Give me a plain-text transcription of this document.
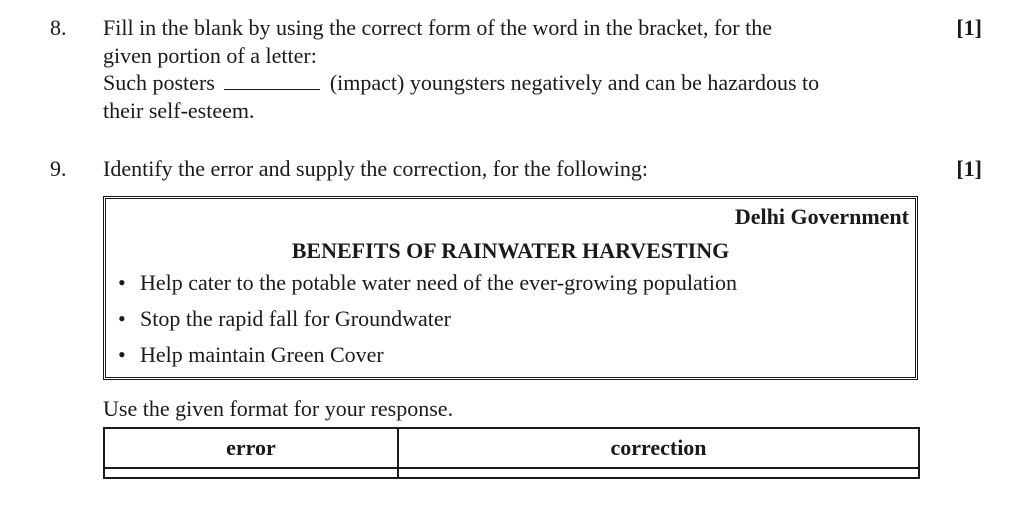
8. Fill in the blank by using the correct form of the word in the bracket, for the
given portion of a letter:
Such posters	(impact) youngsters negatively and can be hazardous to
their self-esteem.
[1]
9. Identify the error and supply the correction, for the following:	[1]
Delhi Government
BENEFITS OF RAINWATER HARVESTING
• Help cater to the potable water need of the ever-growing population
• Stop the rapid fall for Groundwater
• Help maintain Green Cover
Use the given format for your response.
error	correction
